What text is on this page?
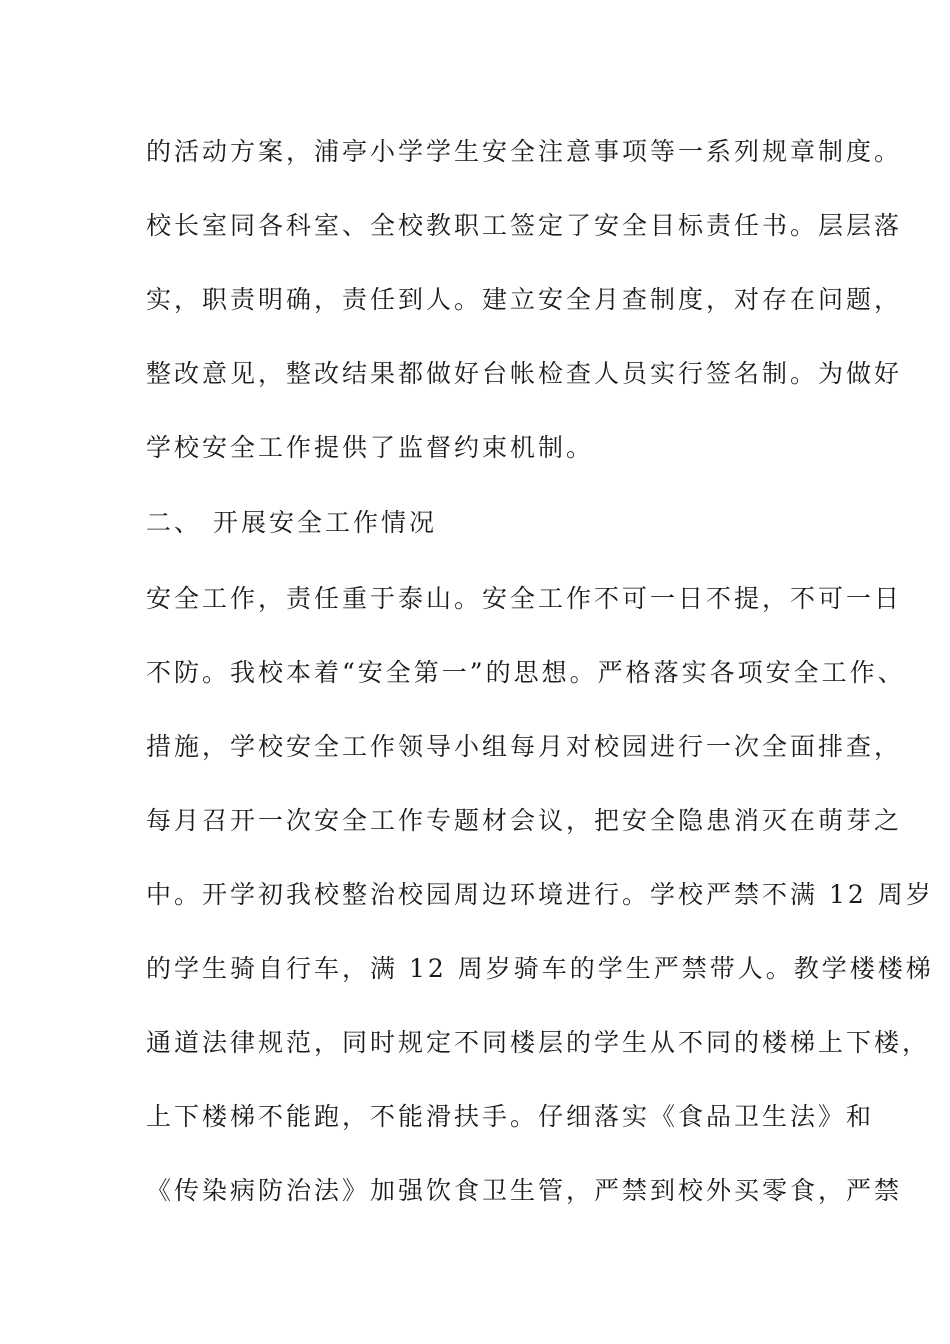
的活动方案，浦亭小学学生安全注意事项等一系列规章制度。
校长室同各科室、全校教职工签定了安全目标责任书。层层落
实，职责明确，责任到人。建立安全月查制度，对存在问题，
整改意见，整改结果都做好台帐检查人员实行签名制。为做好
学校安全工作提供了监督约束机制。
二、 开展安全工作情况
安全工作，责任重于泰山。安全工作不可一日不提，不可一日
不防。我校本着“安全第一”的思想。严格落实各项安全工作、
措施，学校安全工作领导小组每月对校园进行一次全面排查，
每月召开一次安全工作专题材会议，把安全隐患消灭在萌芽之
中。开学初我校整治校园周边环境进行。学校严禁不满 12 周岁
的学生骑自行车，满 12 周岁骑车的学生严禁带人。教学楼楼梯
通道法律规范，同时规定不同楼层的学生从不同的楼梯上下楼，
上下楼梯不能跑，不能滑扶手。仔细落实《食品卫生法》和
《传染病防治法》加强饮食卫生管，严禁到校外买零食，严禁
